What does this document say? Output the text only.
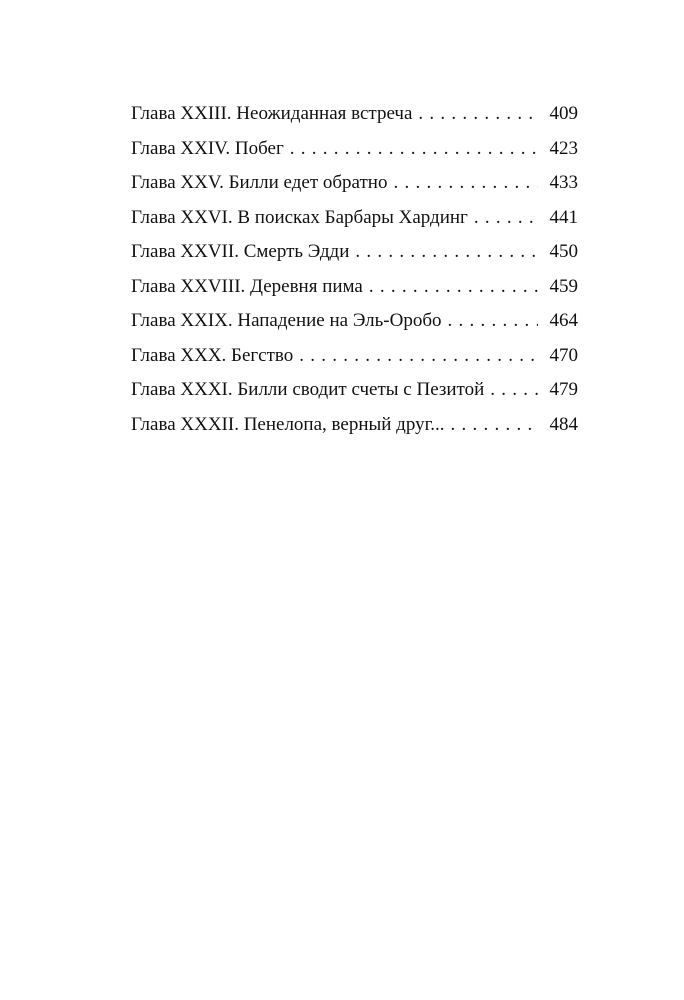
Глава XXIII. Неожиданная встреча . . .	409
Глава XXIV. Побег . . .	423
Глава XXV. Билли едет обратно . . .	433
Глава XXVI. В поисках Барбары Хардинг . . .	441
Глава XXVII. Смерть Эдди . . .	450
Глава XXVIII. Деревня пима . . .	459
Глава XXIX. Нападение на Эль-Оробо . . .	464
Глава XXX. Бегство . . .	470
Глава XXXI. Билли сводит счеты с Пезитой . . .	479
Глава XXXII. Пенелопа, верный друг... . . .	484
